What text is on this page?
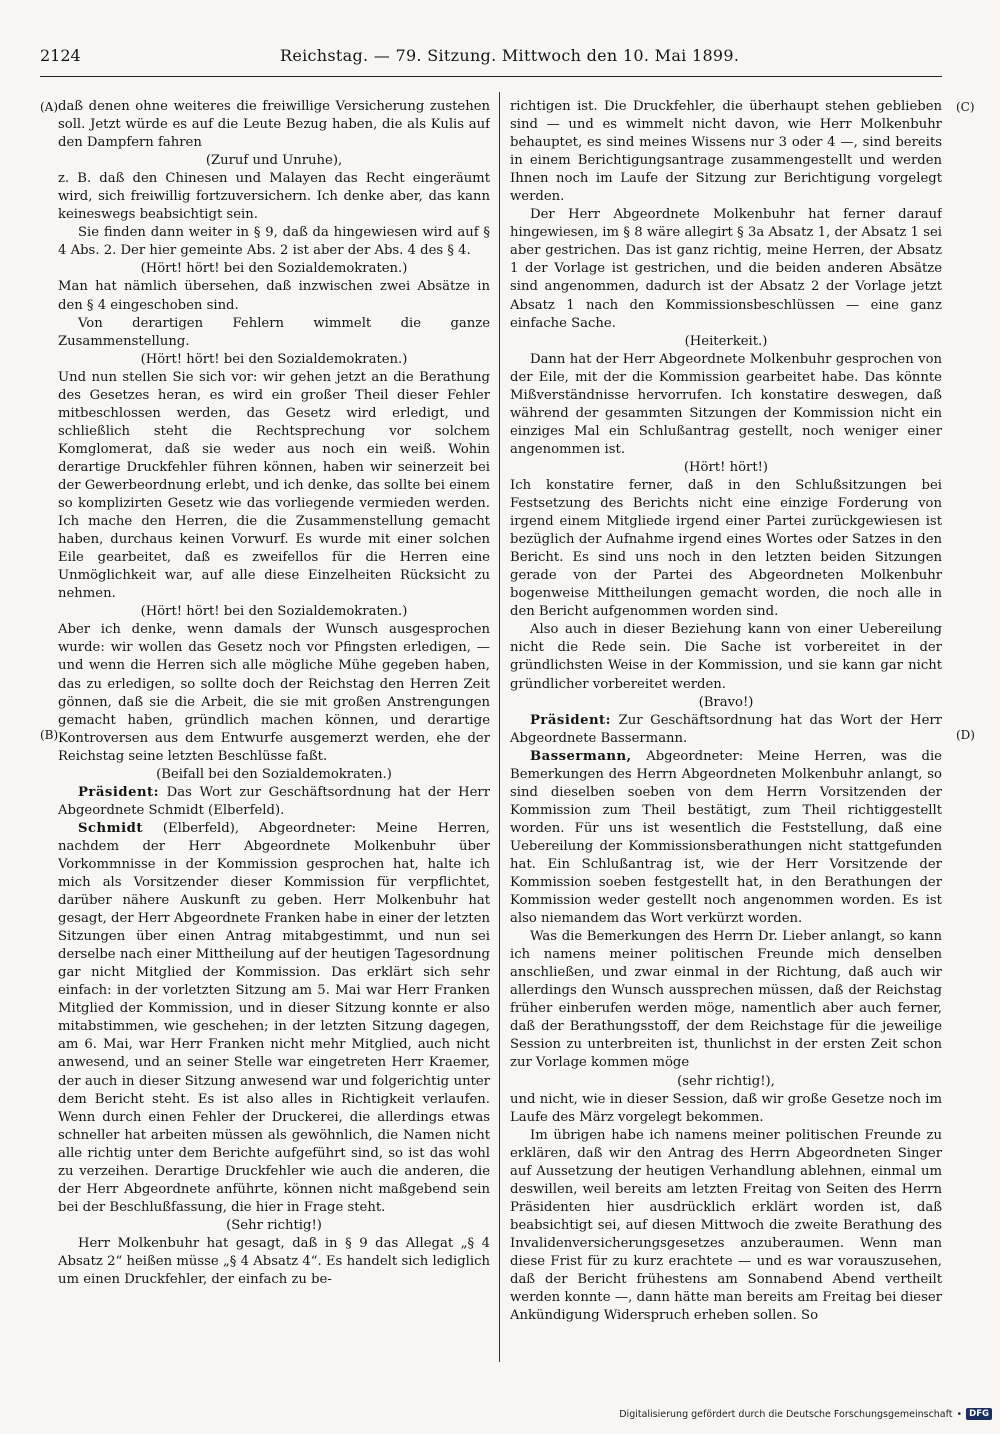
2124	Reichstag. — 79. Sitzung. Mittwoch den 10. Mai 1899.
(A)
(B)
(C)
(D)

daß denen ohne weiteres die freiwillige Versicherung zustehen soll. Jetzt würde es auf die Leute Bezug haben, die als Kulis auf den Dampfern fahren

(Zuruf und Unruhe),

z. B. daß den Chinesen und Malayen das Recht eingeräumt wird, sich freiwillig fortzuversichern. Ich denke aber, das kann keineswegs beabsichtigt sein.

Sie finden dann weiter in § 9, daß da hingewiesen wird auf § 4 Abs. 2. Der hier gemeinte Abs. 2 ist aber der Abs. 4 des § 4.

(Hört! hört! bei den Sozialdemokraten.)

Man hat nämlich übersehen, daß inzwischen zwei Absätze in den § 4 eingeschoben sind.

Von derartigen Fehlern wimmelt die ganze Zusammenstellung.

(Hört! hört! bei den Sozialdemokraten.)

Und nun stellen Sie sich vor: wir gehen jetzt an die Berathung des Gesetzes heran, es wird ein großer Theil dieser Fehler mitbeschlossen werden, das Gesetz wird erledigt, und schließlich steht die Rechtsprechung vor solchem Komglomerat, daß sie weder aus noch ein weiß. Wohin derartige Druckfehler führen können, haben wir seinerzeit bei der Gewerbeordnung erlebt, und ich denke, das sollte bei einem so komplizirten Gesetz wie das vorliegende vermieden werden. Ich mache den Herren, die die Zusammenstellung gemacht haben, durchaus keinen Vorwurf. Es wurde mit einer solchen Eile gearbeitet, daß es zweifellos für die Herren eine Unmöglichkeit war, auf alle diese Einzelheiten Rücksicht zu nehmen.

(Hört! hört! bei den Sozialdemokraten.)

Aber ich denke, wenn damals der Wunsch ausgesprochen wurde: wir wollen das Gesetz noch vor Pfingsten erledigen, — und wenn die Herren sich alle mögliche Mühe gegeben haben, das zu erledigen, so sollte doch der Reichstag den Herren Zeit gönnen, daß sie die Arbeit, die sie mit großen Anstrengungen gemacht haben, gründlich machen können, und derartige Kontroversen aus dem Entwurfe ausgemerzt werden, ehe der Reichstag seine letzten Beschlüsse faßt.

(Beifall bei den Sozialdemokraten.)

Präsident: Das Wort zur Geschäftsordnung hat der Herr Abgeordnete Schmidt (Elberfeld).

Schmidt (Elberfeld), Abgeordneter: Meine Herren, nachdem der Herr Abgeordnete Molkenbuhr über Vorkommnisse in der Kommission gesprochen hat, halte ich mich als Vorsitzender dieser Kommission für verpflichtet, darüber nähere Auskunft zu geben. Herr Molkenbuhr hat gesagt, der Herr Abgeordnete Franken habe in einer der letzten Sitzungen über einen Antrag mitabgestimmt, und nun sei derselbe nach einer Mittheilung auf der heutigen Tagesordnung gar nicht Mitglied der Kommission. Das erklärt sich sehr einfach: in der vorletzten Sitzung am 5. Mai war Herr Franken Mitglied der Kommission, und in dieser Sitzung konnte er also mitabstimmen, wie geschehen; in der letzten Sitzung dagegen, am 6. Mai, war Herr Franken nicht mehr Mitglied, auch nicht anwesend, und an seiner Stelle war eingetreten Herr Kraemer, der auch in dieser Sitzung anwesend war und folgerichtig unter dem Bericht steht. Es ist also alles in Richtigkeit verlaufen. Wenn durch einen Fehler der Druckerei, die allerdings etwas schneller hat arbeiten müssen als gewöhnlich, die Namen nicht alle richtig unter dem Berichte aufgeführt sind, so ist das wohl zu verzeihen. Derartige Druckfehler wie auch die anderen, die der Herr Abgeordnete anführte, können nicht maßgebend sein bei der Beschlußfassung, die hier in Frage steht.

(Sehr richtig!)

Herr Molkenbuhr hat gesagt, daß in § 9 das Allegat „§ 4 Absatz 2“ heißen müsse „§ 4 Absatz 4“. Es handelt sich lediglich um einen Druckfehler, der einfach zu be-

richtigen ist. Die Druckfehler, die überhaupt stehen geblieben sind — und es wimmelt nicht davon, wie Herr Molkenbuhr behauptet, es sind meines Wissens nur 3 oder 4 —, sind bereits in einem Berichtigungsantrage zusammengestellt und werden Ihnen noch im Laufe der Sitzung zur Berichtigung vorgelegt werden.

Der Herr Abgeordnete Molkenbuhr hat ferner darauf hingewiesen, im § 8 wäre allegirt § 3a Absatz 1, der Absatz 1 sei aber gestrichen. Das ist ganz richtig, meine Herren, der Absatz 1 der Vorlage ist gestrichen, und die beiden anderen Absätze sind angenommen, dadurch ist der Absatz 2 der Vorlage jetzt Absatz 1 nach den Kommissionsbeschlüssen — eine ganz einfache Sache.

(Heiterkeit.)

Dann hat der Herr Abgeordnete Molkenbuhr gesprochen von der Eile, mit der die Kommission gearbeitet habe. Das könnte Mißverständnisse hervorrufen. Ich konstatire deswegen, daß während der gesammten Sitzungen der Kommission nicht ein einziges Mal ein Schlußantrag gestellt, noch weniger einer angenommen ist.

(Hört! hört!)

Ich konstatire ferner, daß in den Schlußsitzungen bei Festsetzung des Berichts nicht eine einzige Forderung von irgend einem Mitgliede irgend einer Partei zurückgewiesen ist bezüglich der Aufnahme irgend eines Wortes oder Satzes in den Bericht. Es sind uns noch in den letzten beiden Sitzungen gerade von der Partei des Abgeordneten Molkenbuhr bogenweise Mittheilungen gemacht worden, die noch alle in den Bericht aufgenommen worden sind.

Also auch in dieser Beziehung kann von einer Uebereilung nicht die Rede sein. Die Sache ist vorbereitet in der gründlichsten Weise in der Kommission, und sie kann gar nicht gründlicher vorbereitet werden.

(Bravo!)

Präsident: Zur Geschäftsordnung hat das Wort der Herr Abgeordnete Bassermann.

Bassermann, Abgeordneter: Meine Herren, was die Bemerkungen des Herrn Abgeordneten Molkenbuhr anlangt, so sind dieselben soeben von dem Herrn Vorsitzenden der Kommission zum Theil bestätigt, zum Theil richtiggestellt worden. Für uns ist wesentlich die Feststellung, daß eine Uebereilung der Kommissionsberathungen nicht stattgefunden hat. Ein Schlußantrag ist, wie der Herr Vorsitzende der Kommission soeben festgestellt hat, in den Berathungen der Kommission weder gestellt noch angenommen worden. Es ist also niemandem das Wort verkürzt worden.

Was die Bemerkungen des Herrn Dr. Lieber anlangt, so kann ich namens meiner politischen Freunde mich denselben anschließen, und zwar einmal in der Richtung, daß auch wir allerdings den Wunsch aussprechen müssen, daß der Reichstag früher einberufen werden möge, namentlich aber auch ferner, daß der Berathungsstoff, der dem Reichstage für die jeweilige Session zu unterbreiten ist, thunlichst in der ersten Zeit schon zur Vorlage kommen möge

(sehr richtig!),

und nicht, wie in dieser Session, daß wir große Gesetze noch im Laufe des März vorgelegt bekommen.

Im übrigen habe ich namens meiner politischen Freunde zu erklären, daß wir den Antrag des Herrn Abgeordneten Singer auf Aussetzung der heutigen Verhandlung ablehnen, einmal um deswillen, weil bereits am letzten Freitag von Seiten des Herrn Präsidenten hier ausdrücklich erklärt worden ist, daß beabsichtigt sei, auf diesen Mittwoch die zweite Berathung des Invalidenversicherungsgesetzes anzuberaumen. Wenn man diese Frist für zu kurz erachtete — und es war vorauszusehen, daß der Bericht frühestens am Sonnabend Abend vertheilt werden konnte —, dann hätte man bereits am Freitag bei dieser Ankündigung Widerspruch erheben sollen. So

Digitalisierung gefördert durch die Deutsche Forschungsgemeinschaft • DFG
